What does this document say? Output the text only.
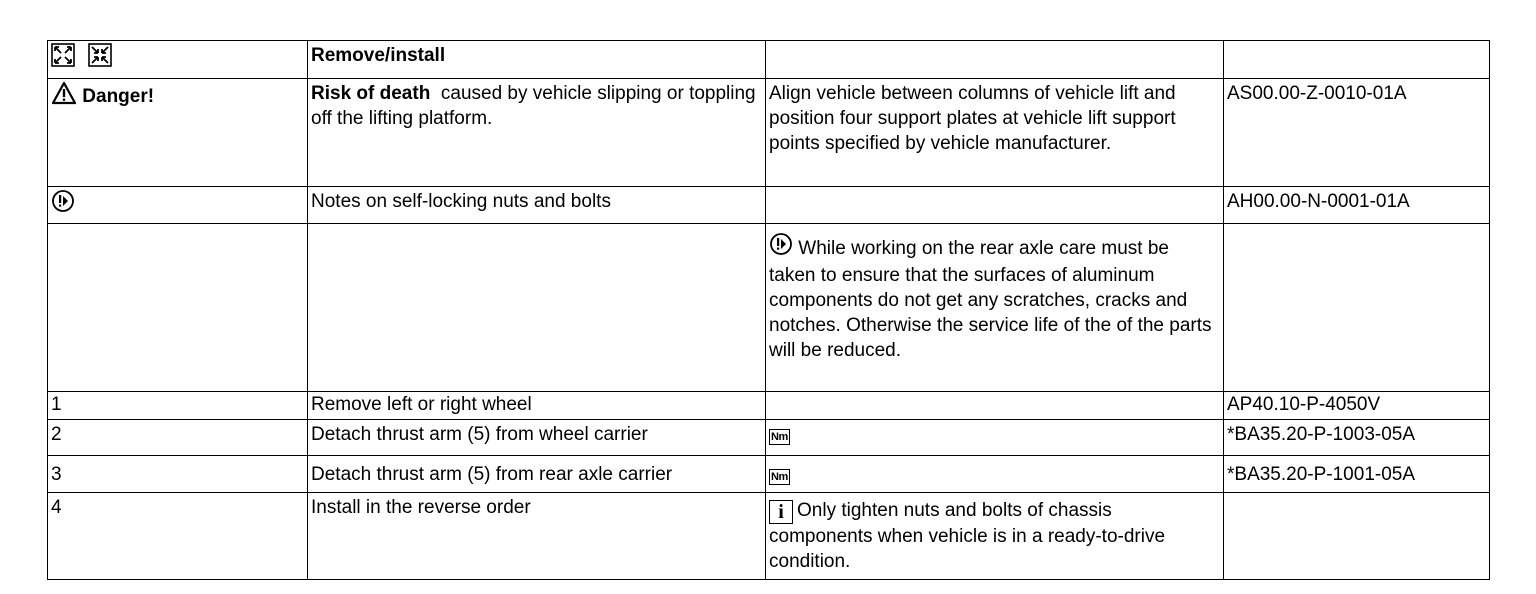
	Remove/install		
Danger!	Risk of death caused by vehicle slipping or toppling off the lifting platform.	Align vehicle between columns of vehicle lift and position four support plates at vehicle lift support points specified by vehicle manufacturer.	AS00.00-Z-0010-01A
	Notes on self-locking nuts and bolts		AH00.00-N-0001-01A
		While working on the rear axle care must be taken to ensure that the surfaces of aluminum components do not get any scratches, cracks and notches. Otherwise the service life of the of the parts will be reduced.	
1	Remove left or right wheel		AP40.10-P-4050V
2	Detach thrust arm (5) from wheel carrier	Nm	*BA35.20-P-1003-05A
3	Detach thrust arm (5) from rear axle carrier	Nm	*BA35.20-P-1001-05A
4	Install in the reverse order	i Only tighten nuts and bolts of chassis components when vehicle is in a ready-to-drive condition.	
